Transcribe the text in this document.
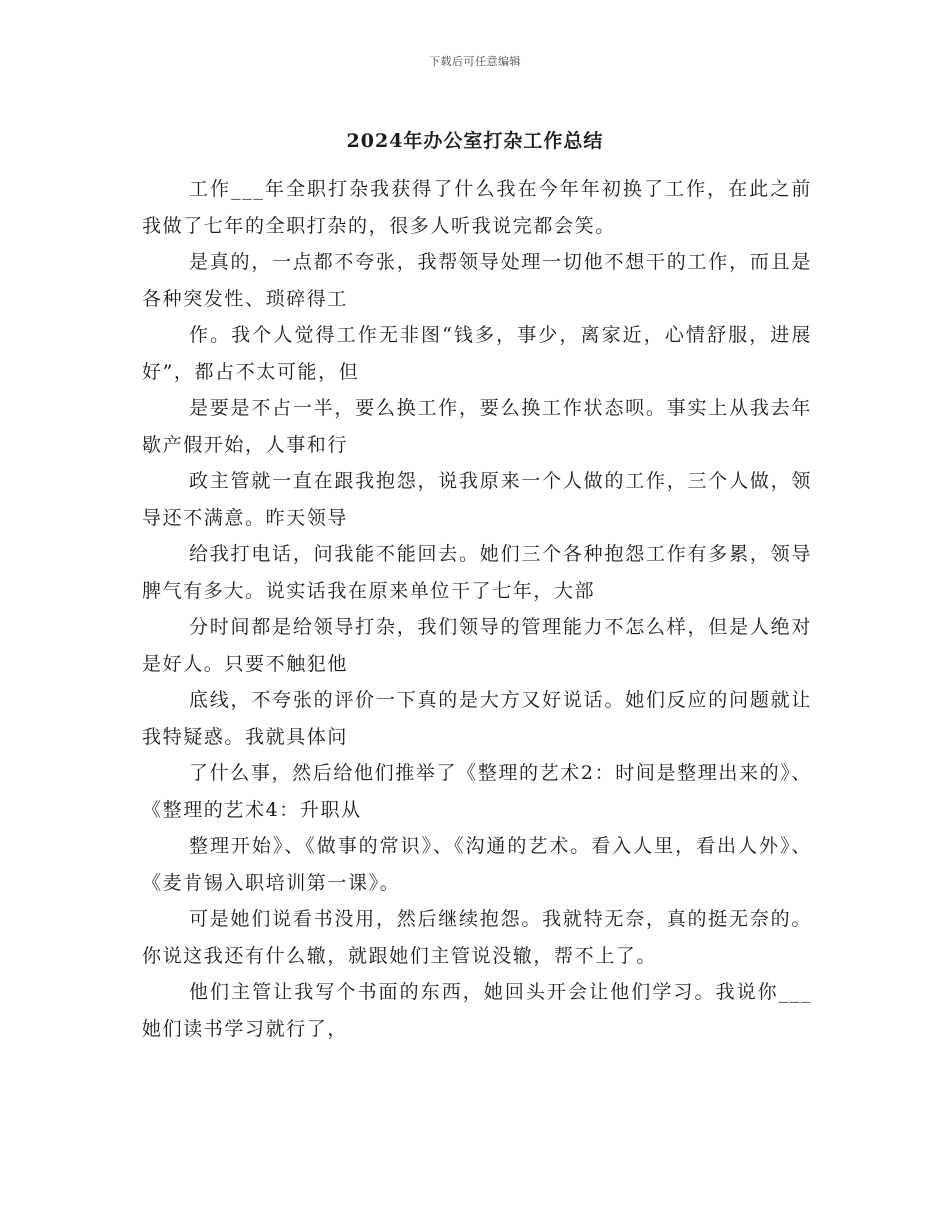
下载后可任意编辑
2024年办公室打杂工作总结

工作___年全职打杂我获得了什么我在今年年初换了工作，在此之前我做了七年的全职打杂的，很多人听我说完都会笑。

是真的，一点都不夸张，我帮领导处理一切他不想干的工作，而且是各种突发性、琐碎得工

作。我个人觉得工作无非图“钱多，事少，离家近，心情舒服，进展好”，都占不太可能，但

是要是不占一半，要么换工作，要么换工作状态呗。事实上从我去年歇产假开始，人事和行

政主管就一直在跟我抱怨，说我原来一个人做的工作，三个人做，领导还不满意。昨天领导

给我打电话，问我能不能回去。她们三个各种抱怨工作有多累，领导脾气有多大。说实话我在原来单位干了七年，大部

分时间都是给领导打杂，我们领导的管理能力不怎么样，但是人绝对是好人。只要不触犯他

底线，不夸张的评价一下真的是大方又好说话。她们反应的问题就让我特疑惑。我就具体问

了什么事，然后给他们推举了《整理的艺术2：时间是整理出来的》、《整理的艺术4：升职从

整理开始》、《做事的常识》、《沟通的艺术。看入人里，看出人外》、《麦肯锡入职培训第一课》。

可是她们说看书没用，然后继续抱怨。我就特无奈，真的挺无奈的。你说这我还有什么辙，就跟她们主管说没辙，帮不上了。

他们主管让我写个书面的东西，她回头开会让他们学习。我说你___她们读书学习就行了，
